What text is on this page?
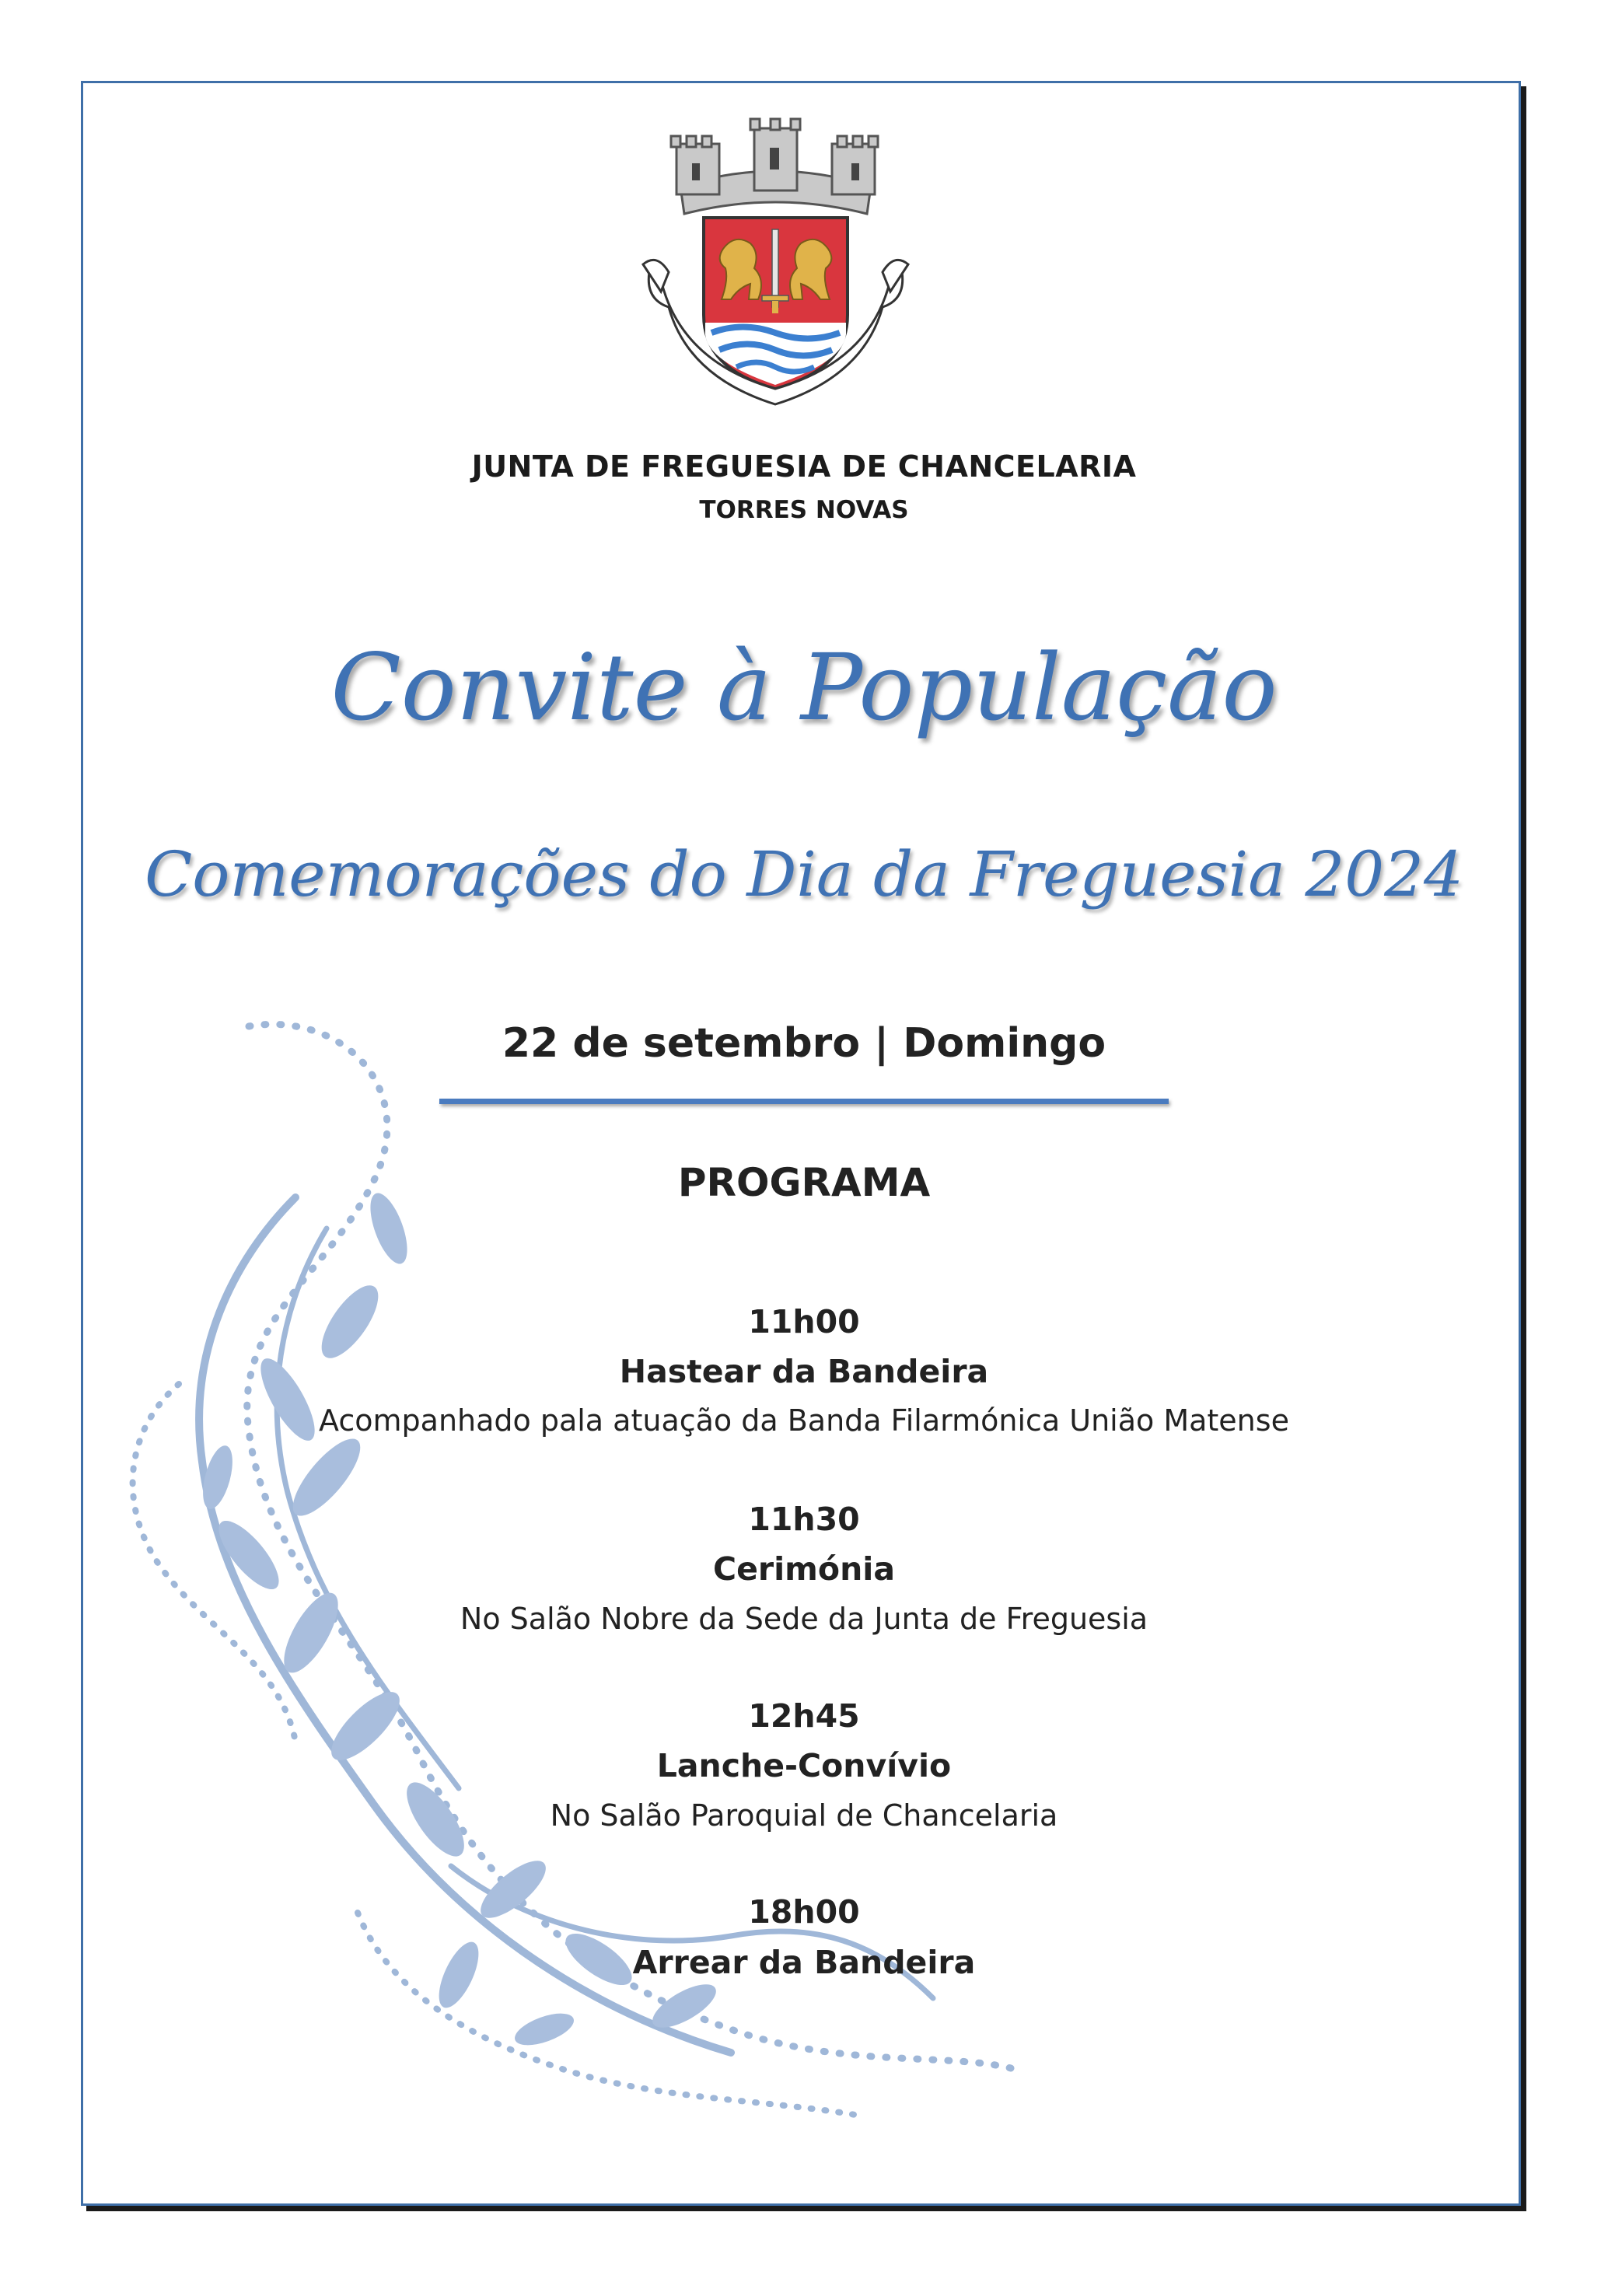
JUNTA DE FREGUESIA DE CHANCELARIA
TORRES NOVAS
Convite à População
Comemorações do Dia da Freguesia 2024
22 de setembro | Domingo
PROGRAMA
11h00
Hastear da Bandeira
Acompanhado pala atuação da Banda Filarmónica União Matense
11h30
Cerimónia
No Salão Nobre da Sede da Junta de Freguesia
12h45
Lanche-Convívio
No Salão Paroquial de Chancelaria
18h00
Arrear da Bandeira
